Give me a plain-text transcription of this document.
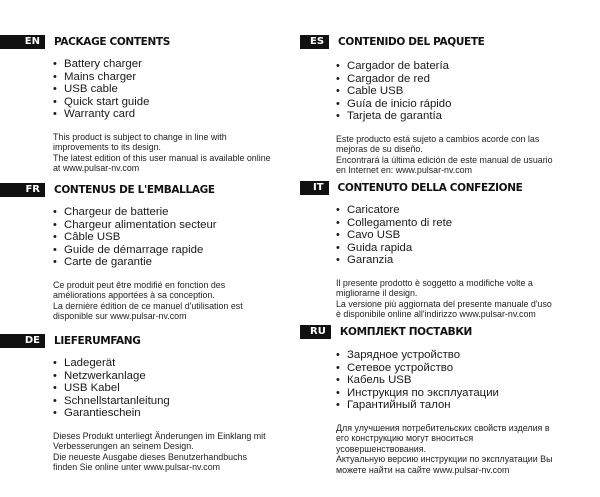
EN	PACKAGE CONTENTS
• Battery charger
• Mains charger
• USB cable
• Quick start guide
• Warranty card

This product is subject to change in line with

improvements to its design.

The latest edition of this user manual is available online

at www.pulsar-nv.com

FR	CONTENUS DE L'EMBALLAGE
• Chargeur de batterie
• Chargeur alimentation secteur
• Câble USB
• Guide de démarrage rapide
• Carte de garantie

Ce produit peut être modifié en fonction des

améliorations apportées à sa conception.

La dernière édition de ce manuel d'utilisation est

disponible sur www.pulsar-nv.com

DE	LIEFERUMFANG
• Ladegerät
• Netzwerkanlage
• USB Kabel
• Schnellstartanleitung
• Garantieschein

Dieses Produkt unterliegt Änderungen im Einklang mit

Verbesserungen an seinem Design.

Die neueste Ausgabe dieses Benutzerhandbuchs

finden Sie online unter www.pulsar-nv.com

ES	CONTENIDO DEL PAQUETE
• Cargador de batería
• Cargador de red
• Cable USB
• Guía de inicio rápido
• Tarjeta de garantía

Este producto está sujeto a cambios acorde con las

mejoras de su diseño.

Encontrará la última edición de este manual de usuario

en Internet en: www.pulsar-nv.com

IT	CONTENUTO DELLA CONFEZIONE
• Caricatore
• Collegamento di rete
• Cavo USB
• Guida rapida
• Garanzia

Il presente prodotto è soggetto a modifiche volte a

migliorarne il design.

La versione più aggiornata del presente manuale d'uso

è disponibile online all'indirizzo www.pulsar-nv.com

RU	КОМПЛЕКТ ПОСТАВКИ
• Зарядное устройство
• Сетевое устройство
• Кабель USB
• Инструкция по эксплуатации
• Гарантийный талон

Для улучшения потребительских свойств изделия в

его конструкцию могут вноситься

усовершенствования.

Актуальную версию инструкции по эксплуатации Вы

можете найти на сайте www.pulsar-nv.com
